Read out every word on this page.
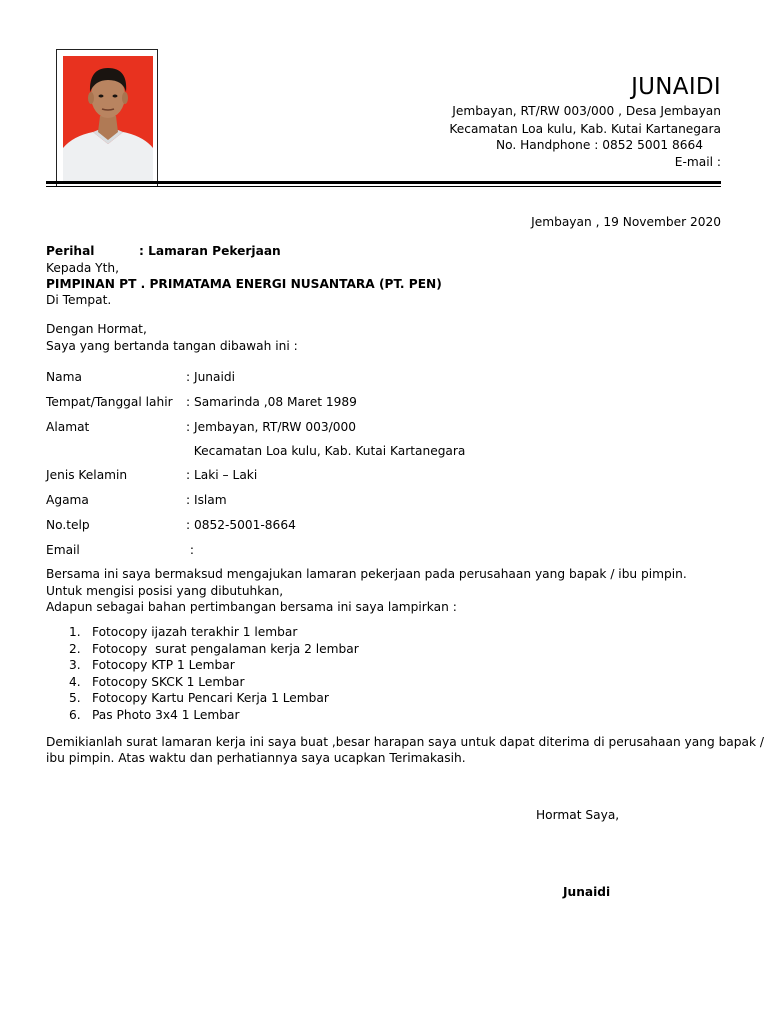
JUNAIDI
Jembayan, RT/RW 003/000 , Desa Jembayan
Kecamatan Loa kulu, Kab. Kutai Kartanegara
No. Handphone : 0852 5001 8664
E-mail :
Jembayan , 19 November 2020
Perihal	: Lamaran Pekerjaan
Kepada Yth,
PIMPINAN PT . PRIMATAMA ENERGI NUSANTARA (PT. PEN)
Di Tempat.
Dengan Hormat,
Saya yang bertanda tangan dibawah ini :
Nama	: Junaidi
Tempat/Tanggal lahir : Samarinda ,08 Maret 1989
Alamat	: Jembayan, RT/RW 003/000
Kecamatan Loa kulu, Kab. Kutai Kartanegara
Jenis Kelamin	: Laki – Laki
Agama	: Islam
No.telp	: 0852-5001-8664
Email	:
Bersama ini saya bermaksud mengajukan lamaran pekerjaan pada perusahaan yang bapak / ibu pimpin.
Untuk mengisi posisi yang dibutuhkan,
Adapun sebagai bahan pertimbangan bersama ini saya lampirkan :
1. Fotocopy ijazah terakhir 1 lembar
2. Fotocopy  surat pengalaman kerja 2 lembar
3. Fotocopy KTP 1 Lembar
4. Fotocopy SKCK 1 Lembar
5. Fotocopy Kartu Pencari Kerja 1 Lembar
6. Pas Photo 3x4 1 Lembar
Demikianlah surat lamaran kerja ini saya buat ,besar harapan saya untuk dapat diterima di perusahaan yang bapak /
ibu pimpin. Atas waktu dan perhatiannya saya ucapkan Terimakasih.
Hormat Saya,
Junaidi
